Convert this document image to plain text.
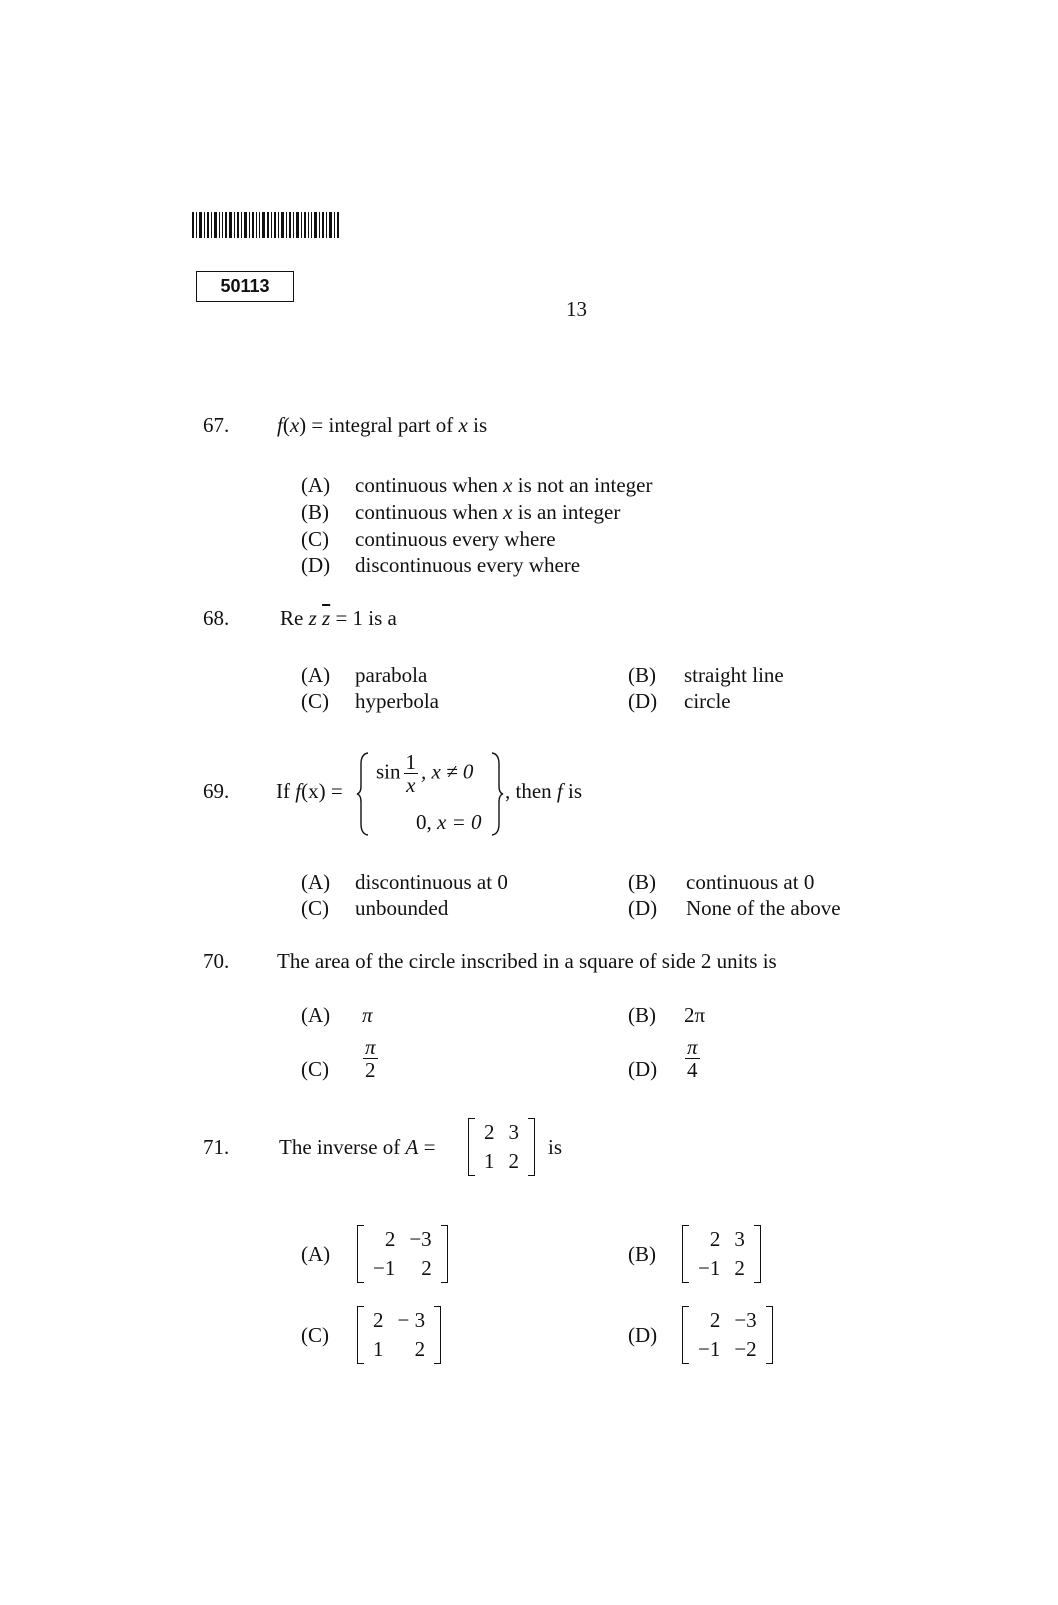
50113
13
67. f(x) = integral part of x is
(A) continuous when x is not an integer
(B) continuous when x is an integer
(C) continuous every where
(D) discontinuous every where
68. Re z $\overline{z} = 1$ is a
(A) parabola	(B) straight line
(C) hyperbola	(D) circle
69. If f(x) =
$\sin \frac{1}{x}$ , x ≠ 0
0, x = 0
, then f is
(A) discontinuous at 0	(B) continuous at 0
(C) unbounded	(D) None of the above
70. The area of the circle inscribed in a square of side 2 units is
(A) π	(B) 2π
$(C) \frac{\pi}{2}$	$(D) \frac{\pi}{4}$
71. The inverse of A =
2	3
1	2
is
(A)
2	−3
−1	2
(B)
2	3
−1	2
(C)
2	− 3
1	2
(D)
2	−3
−1	−2
